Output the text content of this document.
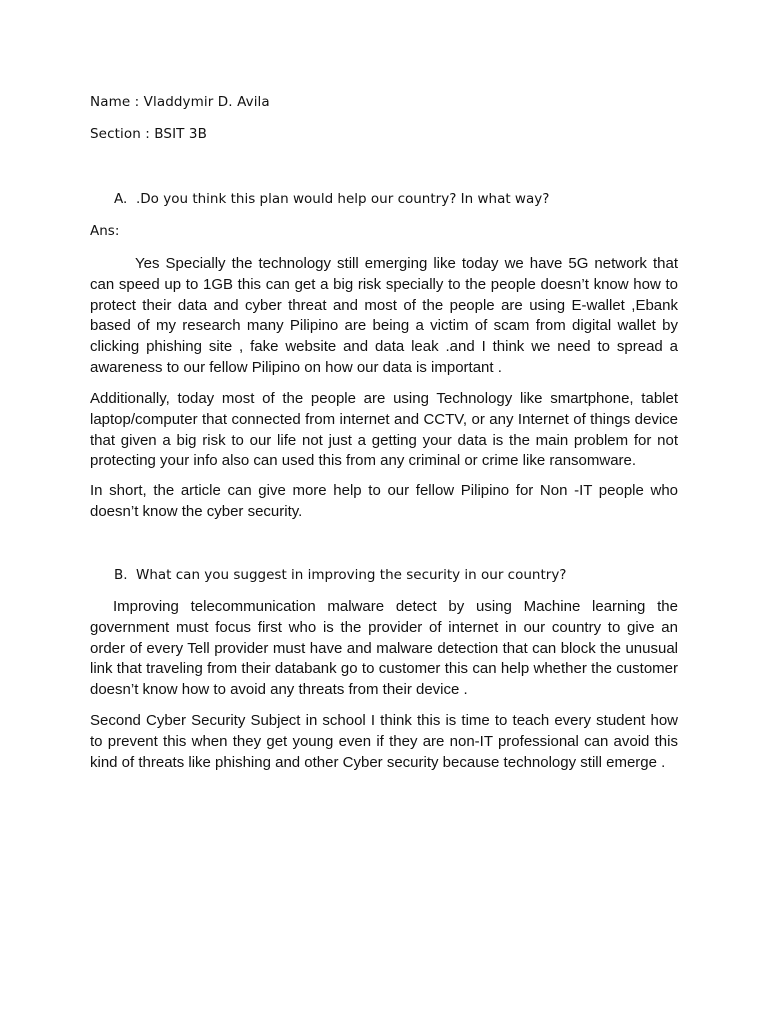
Name : Vladdymir D. Avila
Section : BSIT 3B
A. .Do you think this plan would help our country? In what way?
Ans:

Yes Specially the technology still emerging like today we have 5G network that can speed up to 1GB this can get a big risk specially to the people doesn’t know how to protect their data and cyber threat and most of the people are using E-wallet ,Ebank based of my research many Pilipino are being a victim of scam from digital wallet by clicking phishing site , fake website and data leak .and I think we need to spread a awareness to our fellow Pilipino on how our data is important .

Additionally, today most of the people are using Technology like smartphone, tablet laptop/computer that connected from internet and CCTV, or any Internet of things device that given a big risk to our life not just a getting your data is the main problem for not protecting your info also can used this from any criminal or crime like ransomware.

In short, the article can give more help to our fellow Pilipino for Non -IT people who doesn’t know the cyber security.

B. What can you suggest in improving the security in our country?

Improving telecommunication malware detect by using Machine learning the government must focus first who is the provider of internet in our country to give an order of every Tell provider must have and malware detection that can block the unusual link that traveling from their databank go to customer this can help whether the customer doesn’t know how to avoid any threats from their device .

Second Cyber Security Subject in school I think this is time to teach every student how to prevent this when they get young even if they are non-IT professional can avoid this kind of threats like phishing and other Cyber security because technology still emerge .
